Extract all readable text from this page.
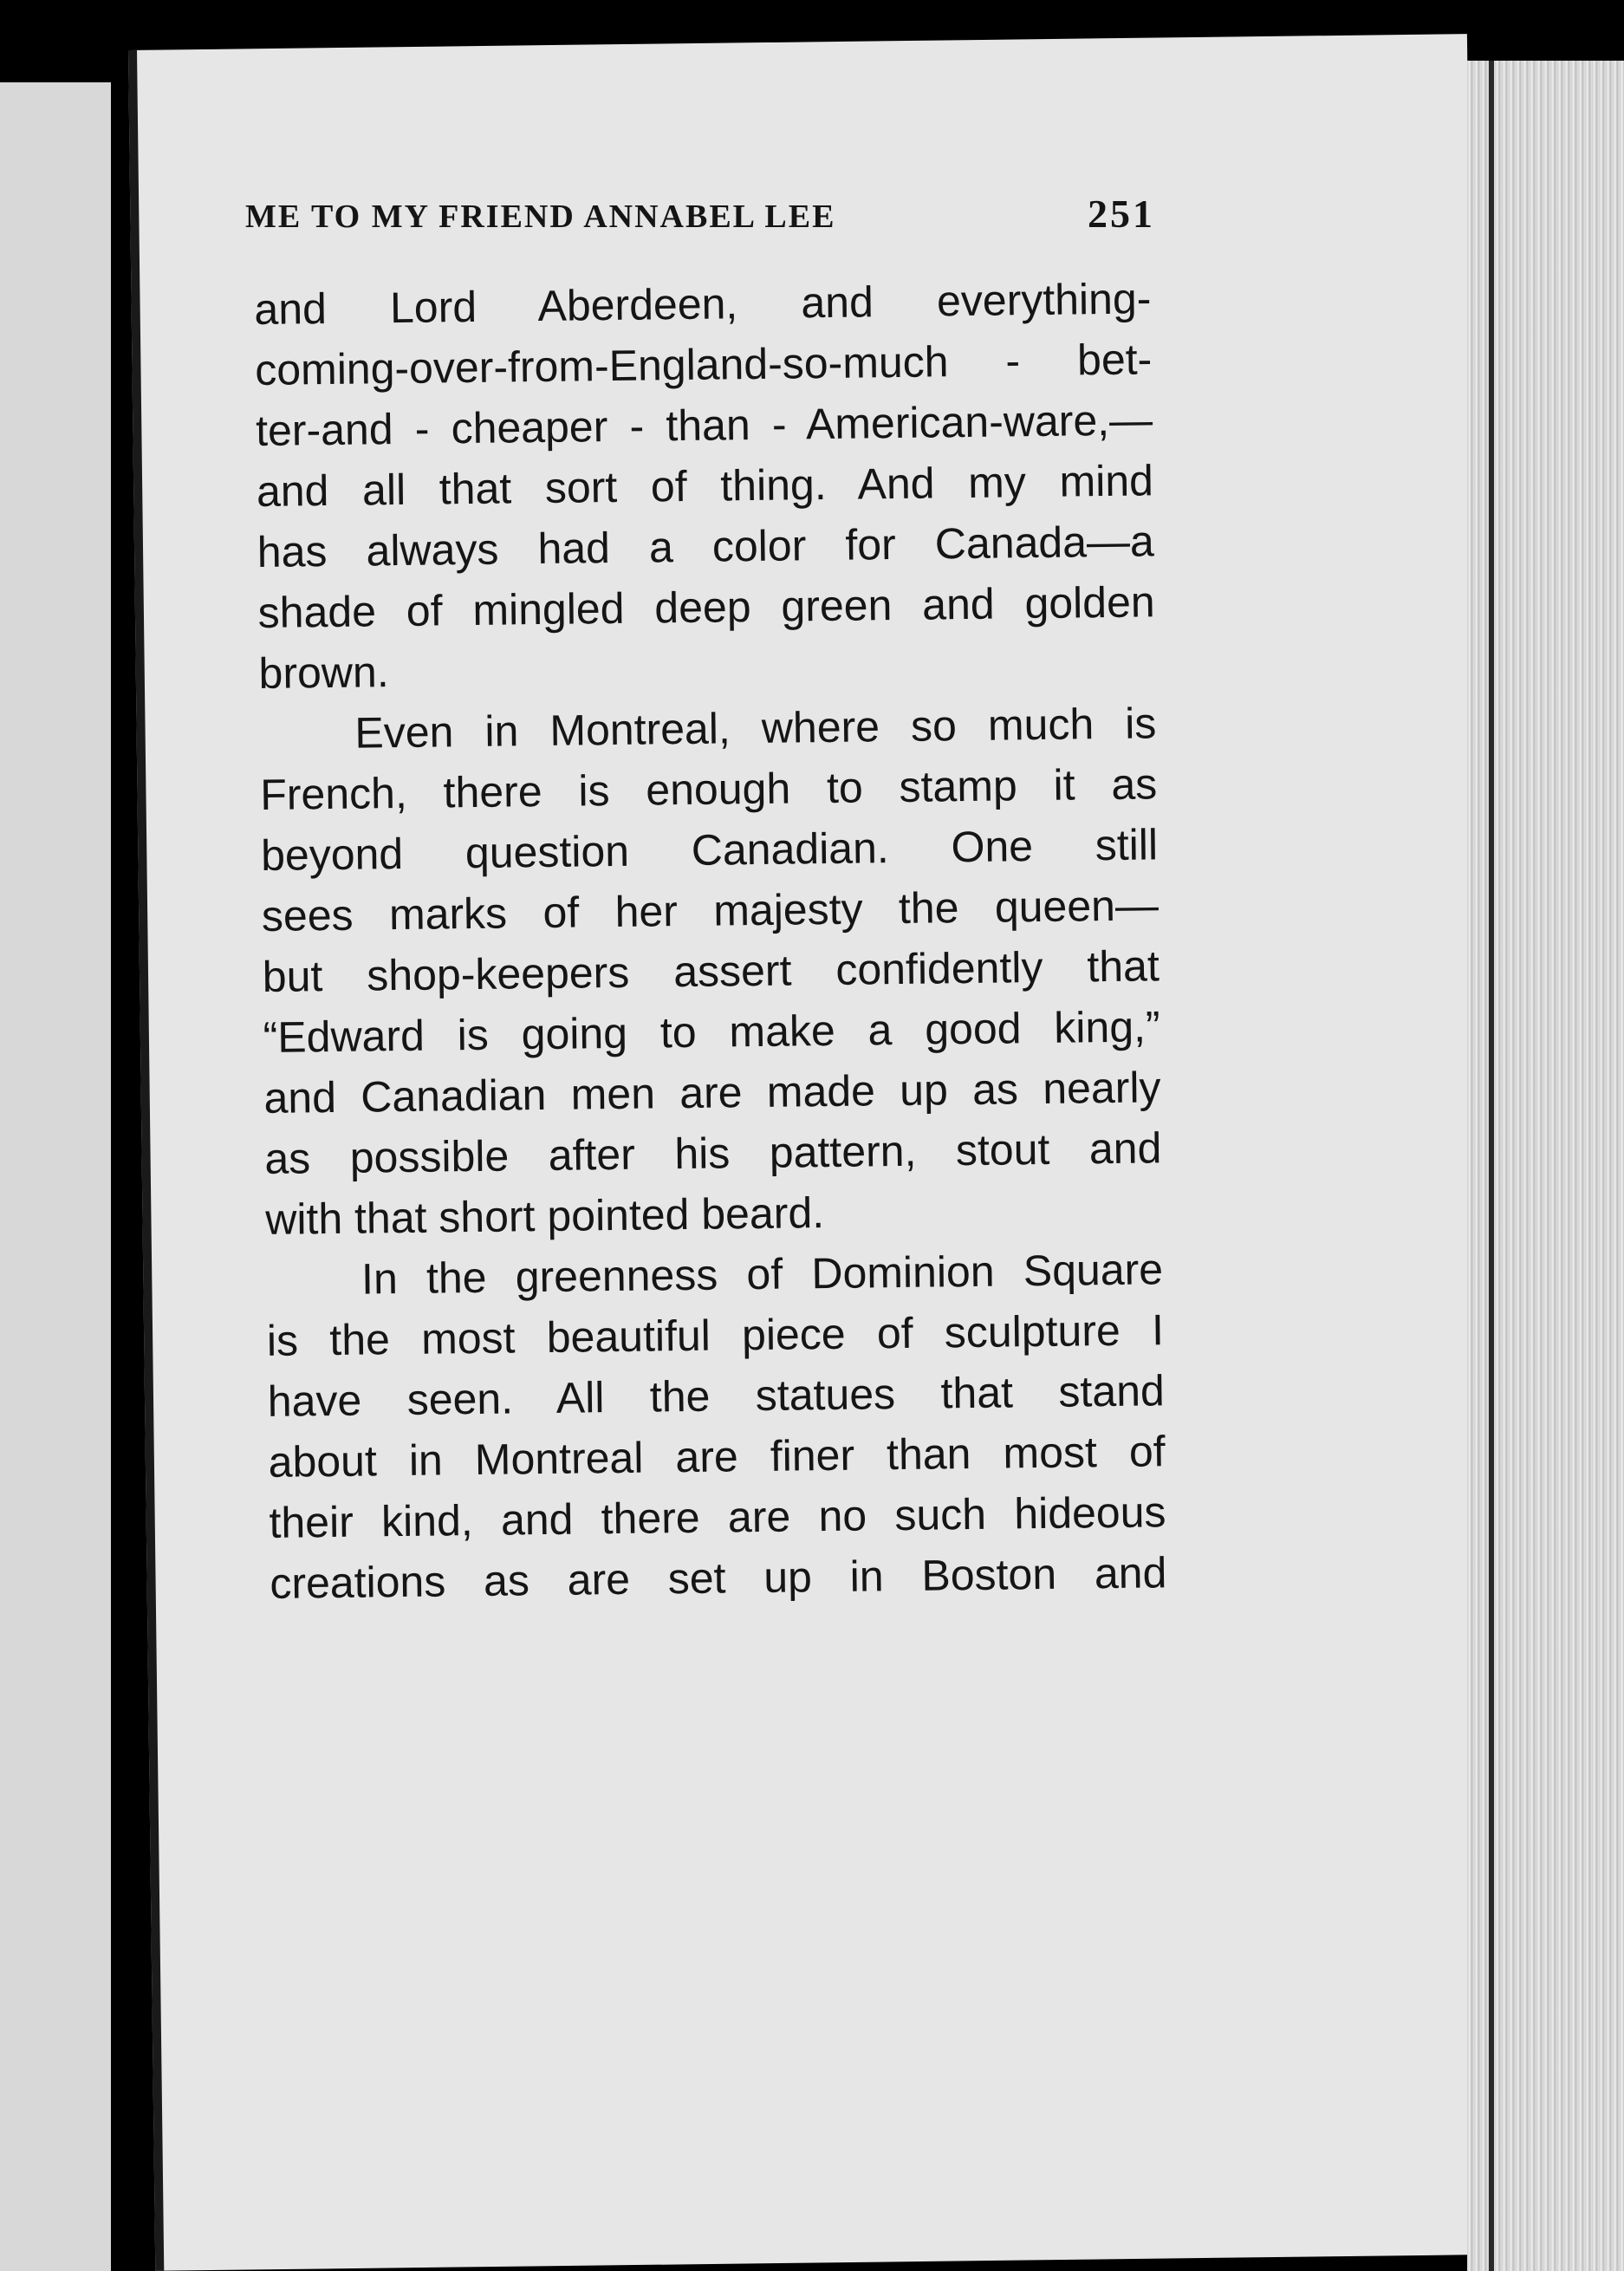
ME TO MY FRIEND ANNABEL LEE	251
and Lord Aberdeen, and everything-
coming-over-from-England-so-much - bet-
ter-and - cheaper - than - American-ware,—
and all that sort of thing. And my mind
has always had a color for Canada—a
shade of mingled deep green and golden
brown.
Even in Montreal, where so much is
French, there is enough to stamp it as
beyond question Canadian. One still
sees marks of her majesty the queen—
but shop-keepers assert confidently that
“Edward is going to make a good king,”
and Canadian men are made up as nearly
as possible after his pattern, stout and
with that short pointed beard.
In the greenness of Dominion Square
is the most beautiful piece of sculpture I
have seen. All the statues that stand
about in Montreal are finer than most of
their kind, and there are no such hideous
creations as are set up in Boston and
